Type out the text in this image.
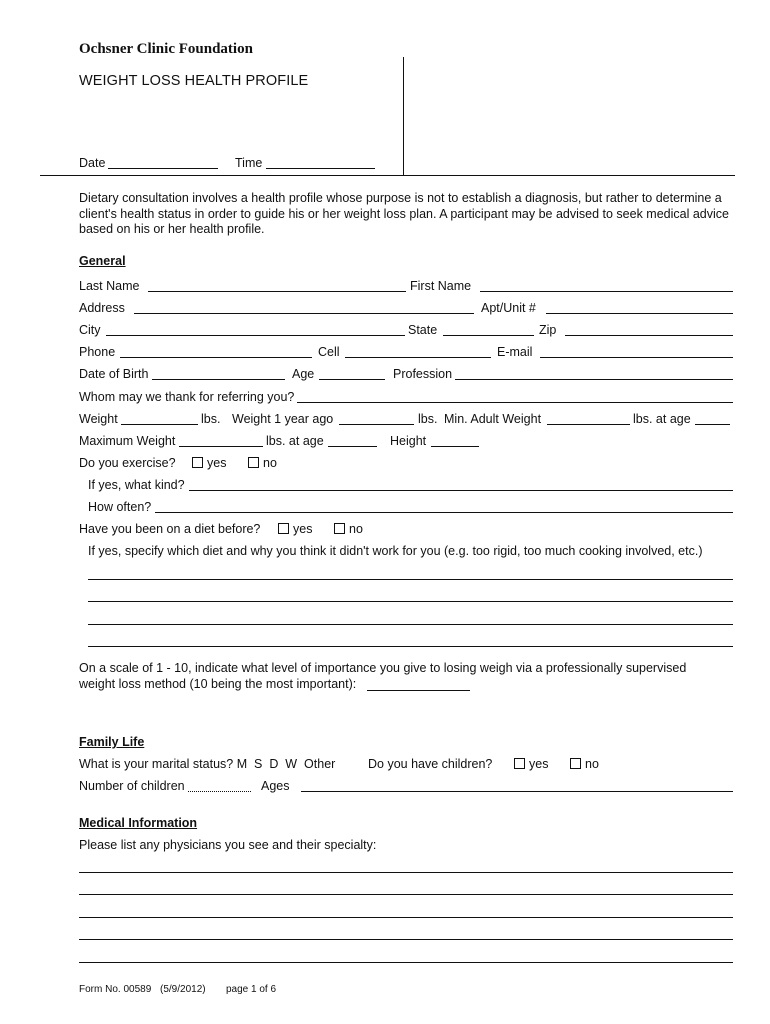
Ochsner Clinic Foundation
WEIGHT LOSS HEALTH PROFILE
Date	Time
Dietary consultation involves a health profile whose purpose is not to establish a diagnosis, but rather to determine a client's health status in order to guide his or her weight loss plan. A participant may be advised to seek medical advice based on his or her health profile.
General
Last Name	First Name
Address	Apt/Unit #
City	State	Zip
Phone	Cell	E-mail
Date of Birth	Age	Profession
Whom may we thank for referring you?
Weight	lbs. Weight 1 year ago	lbs. Min. Adult Weight	lbs. at age
Maximum Weight	lbs. at age	Height
Do you exercise?	yes	no
If yes, what kind?
How often?
Have you been on a diet before?	yes	no
If yes, specify which diet and why you think it didn't work for you (e.g. too rigid, too much cooking involved, etc.)
On a scale of 1 - 10, indicate what level of importance you give to losing weigh via a professionally supervised weight loss method (10 being the most important):
Family Life
What is your marital status? M  S  D  W  Other	Do you have children?	yes	no
Number of children	Ages
Medical Information
Please list any physicians you see and their specialty:
Form No. 00589 (5/9/2012) page 1 of 6
